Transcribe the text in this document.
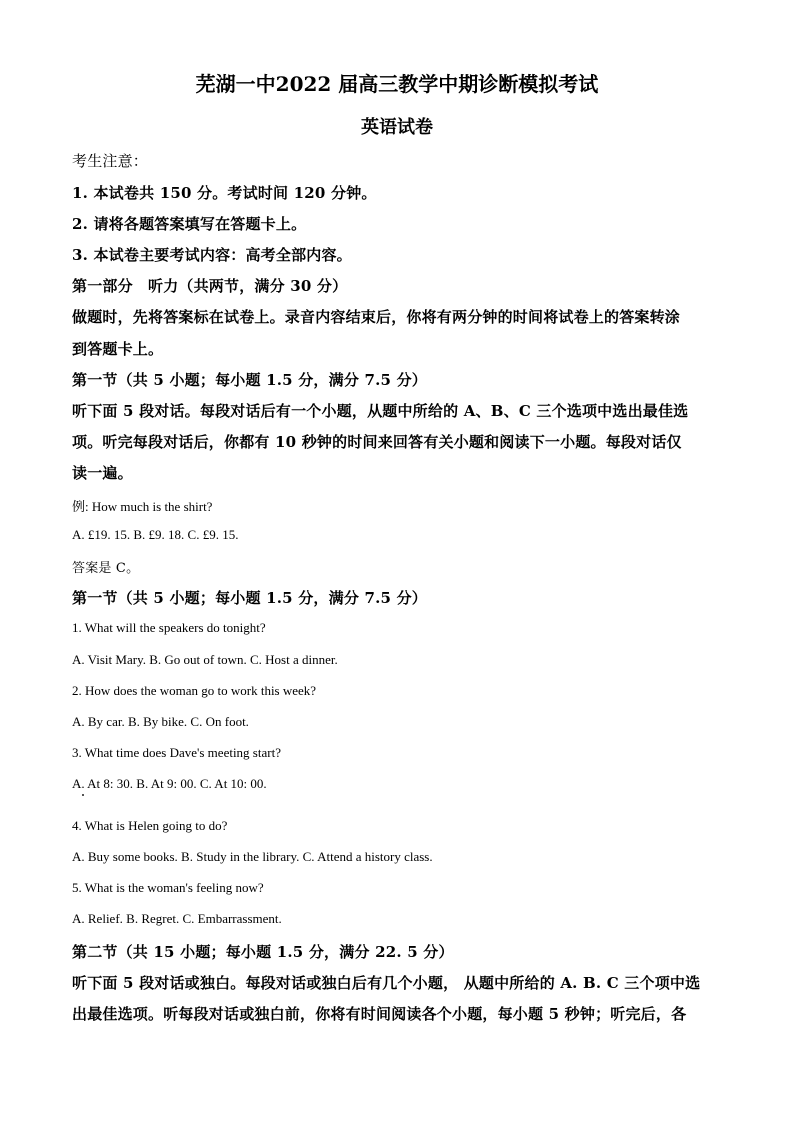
芜湖一中2022 届高三教学中期诊断模拟考试
英语试卷
考生注意：
1. 本试卷共 150 分。考试时间 120 分钟。
2. 请将各题答案填写在答题卡上。
3. 本试卷主要考试内容：高考全部内容。
第一部分　听力（共两节，满分 30 分）
做题时，先将答案标在试卷上。录音内容结束后，你将有两分钟的时间将试卷上的答案转涂
到答题卡上。
第一节（共 5 小题；每小题 1.5 分，满分 7.5 分）
听下面 5 段对话。每段对话后有一个小题，从题中所给的 A、B、C 三个选项中选出最佳选
项。听完每段对话后，你都有 10 秒钟的时间来回答有关小题和阅读下一小题。每段对话仅
读一遍。
例: How much is the shirt?
A. £19. 15. B. £9. 18. C. £9. 15.
答案是 C。
第一节（共 5 小题；每小题 1.5 分，满分 7.5 分）
1. What will the speakers do tonight?
A. Visit Mary. B. Go out of town. C. Host a dinner.
2. How does the woman go to work this week?
A. By car. B. By bike. C. On foot.
3. What time does Dave's meeting start?
A. At 8: 30. B. At 9: 00. C. At 10: 00.
4. What is Helen going to do?
A. Buy some books. B. Study in the library. C. Attend a history class.
5. What is the woman's feeling now?
A. Relief. B. Regret. C. Embarrassment.
第二节（共 15 小题；每小题 1.5 分，满分 22. 5 分）
听下面 5 段对话或独白。每段对话或独白后有几个小题， 从题中所给的 A. B. C 三个项中选
出最佳选项。听每段对话或独白前，你将有时间阅读各个小题，每小题 5 秒钟；听完后，各
